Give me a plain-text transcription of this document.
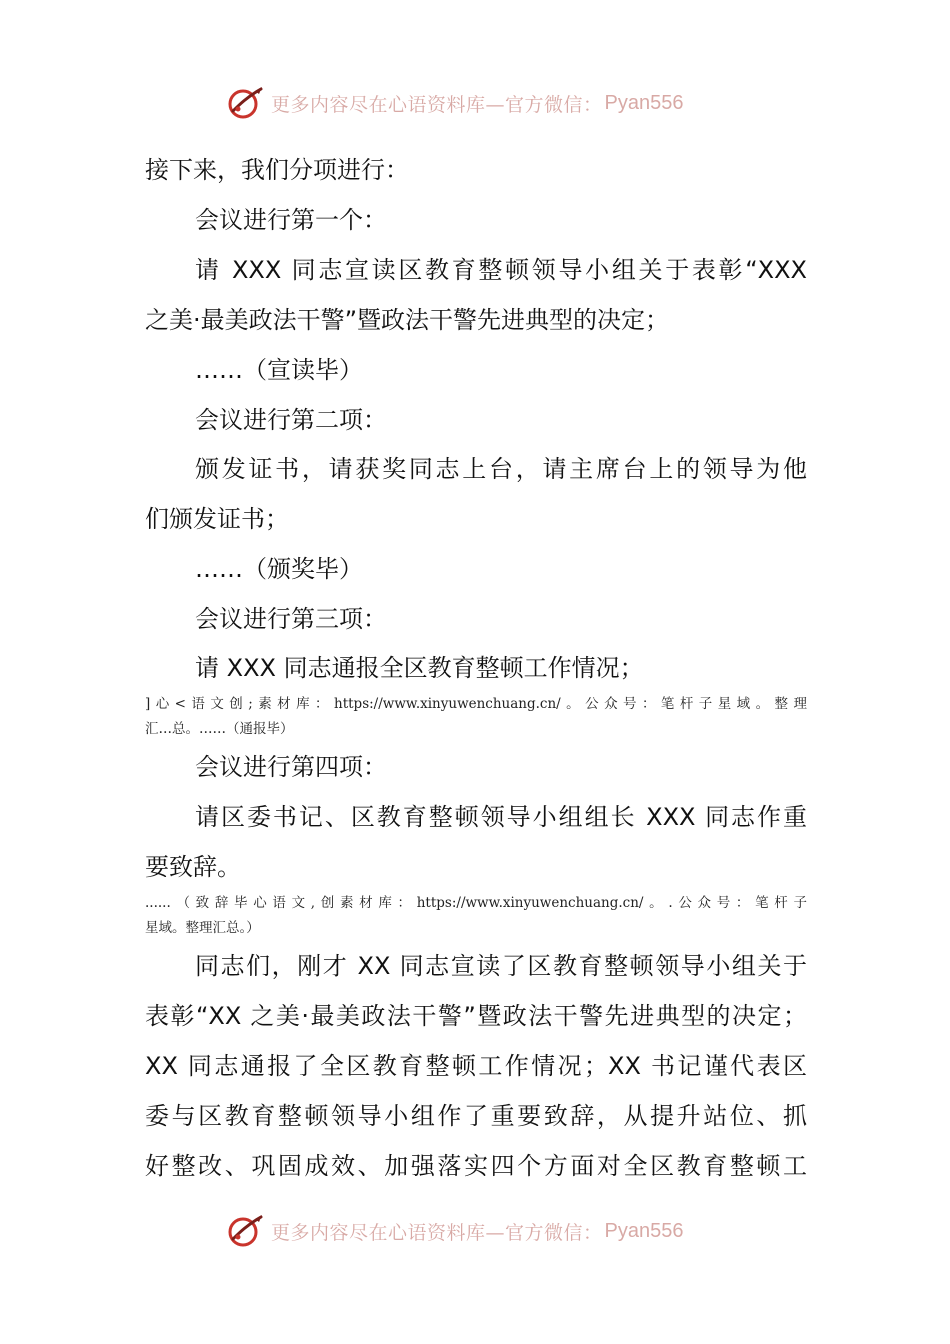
更多内容尽在心语资料库—官方微信： Pyan556
接下来，我们分项进行：
会议进行第一个：
请 XXX 同志宣读区教育整顿领导小组关于表彰“XXX
之美·最美政法干警”暨政法干警先进典型的决定；
……（宣读毕）
会议进行第二项：
颁发证书，请获奖同志上台，请主席台上的领导为他
们颁发证书；
……（颁奖毕）
会议进行第三项：
请 XXX 同志通报全区教育整顿工作情况；
]心<语文创;素材库：https://www.xinyuwenchuang.cn/。公众号：笔杆子星域。整理
汇…总。……（通报毕）
会议进行第四项：
请区委书记、区教育整顿领导小组组长 XXX 同志作重
要致辞。
......（致辞毕心语文,创素材库：https://www.xinyuwenchuang.cn/。.公众号：笔杆子
星域。整理汇总。）
同志们，刚才 XX 同志宣读了区教育整顿领导小组关于
表彰“XX 之美·最美政法干警”暨政法干警先进典型的决定；
XX 同志通报了全区教育整顿工作情况；XX 书记谨代表区
委与区教育整顿领导小组作了重要致辞，从提升站位、抓
好整改、巩固成效、加强落实四个方面对全区教育整顿工
更多内容尽在心语资料库—官方微信： Pyan556
